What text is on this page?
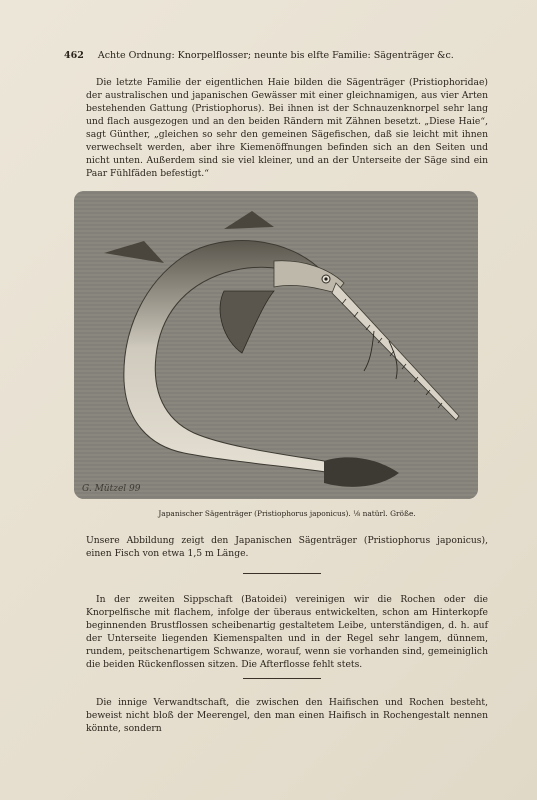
462 Achte Ordnung: Knorpelflosser; neunte bis elfte Familie: Sägenträger &c.

Die letzte Familie der eigentlichen Haie bilden die Sägenträger (Pristiophoridae) der australischen und japanischen Gewässer mit einer gleichnamigen, aus vier Arten bestehenden Gattung (Pristiophorus). Bei ihnen ist der Schnauzenknorpel sehr lang und flach ausgezogen und an den beiden Rändern mit Zähnen besetzt. „Diese Haie“, sagt Günther, „gleichen so sehr den gemeinen Sägefischen, daß sie leicht mit ihnen verwechselt werden, aber ihre Kiemenöffnungen befinden sich an den Seiten und nicht unten. Außerdem sind sie viel kleiner, und an der Unterseite der Säge sind ein Paar Fühlfäden befestigt.“

G. Mützel 99
Japanischer Sägenträger (Pristiophorus japonicus). ¹⁄₈ natürl. Größe.

Unsere Abbildung zeigt den Japanischen Sägenträger (Pristiophorus japonicus), einen Fisch von etwa 1,5 m Länge.

In der zweiten Sippschaft (Batoidei) vereinigen wir die Rochen oder die Knorpelfische mit flachem, infolge der überaus entwickelten, schon am Hinterkopfe beginnenden Brustflossen scheibenartig gestaltetem Leibe, unterständigen, d. h. auf der Unterseite liegenden Kiemenspalten und in der Regel sehr langem, dünnem, rundem, peitschenartigem Schwanze, worauf, wenn sie vorhanden sind, gemeiniglich die beiden Rückenflossen sitzen. Die Afterflosse fehlt stets.

Die innige Verwandtschaft, die zwischen den Haifischen und Rochen besteht, beweist nicht bloß der Meerengel, den man einen Haifisch in Rochengestalt nennen könnte, sondern
